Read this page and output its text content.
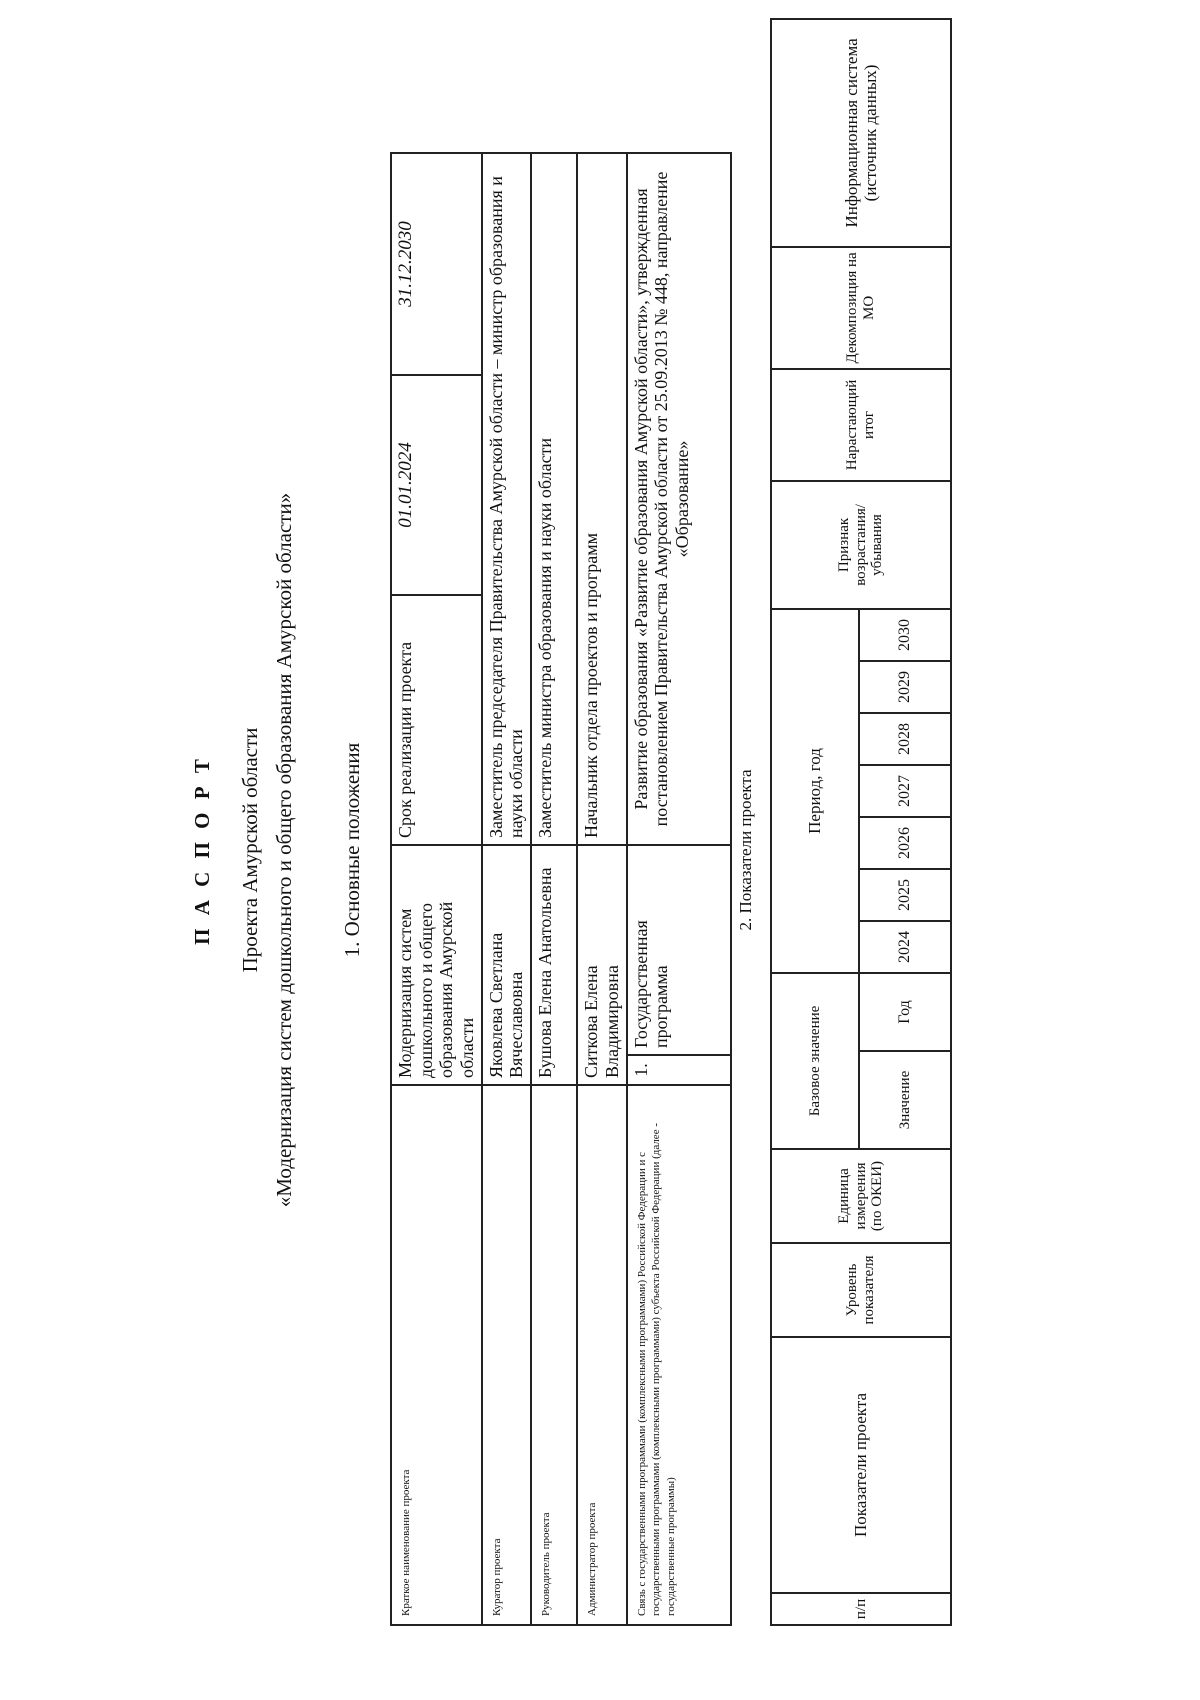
П А С П О Р Т Проекта Амурской области «Модернизация систем дошкольного и общего образования Амурской области» 1. Основные положения
Краткое наименование проекта	Модернизация систем дошкольного и общего образования Амурской области		Срок реализации проекта	01.01.2024	31.12.2030
Куратор проекта	Яковлева Светлана Вячеславовна		Заместитель председателя Правительства Амурской области – министр образования и науки области		
Руководитель проекта	Бушова Елена Анатольевна		Заместитель министра образования и науки области		
Администратор проекта	Ситкова Елена Владимировна		Начальник отдела проектов и программ		
Связь с государственными программами (комплексными программами) Российской Федерации и с государственными программами (комплексными программами) субъекта Российской Федерации (далее - государственные программы)	1.	Государственная программа	Развитие образования «Развитие образования Амурской области», утвержденная постановлением Правительства Амурской области от 25.09.2013 № 448, направление «Образование»		
2. Показатели проекта
п/п	Показатели проекта	Уровень показателя	Единица измерения (по ОКЕИ)	Базовое значение		Период, год							Признак возрастания/убывания	Нарастающий итог	Декомпозиция на МО	Информационная система (источник данных)
				Значение	Год	2024	2025	2026	2027	2028	2029	2030				
